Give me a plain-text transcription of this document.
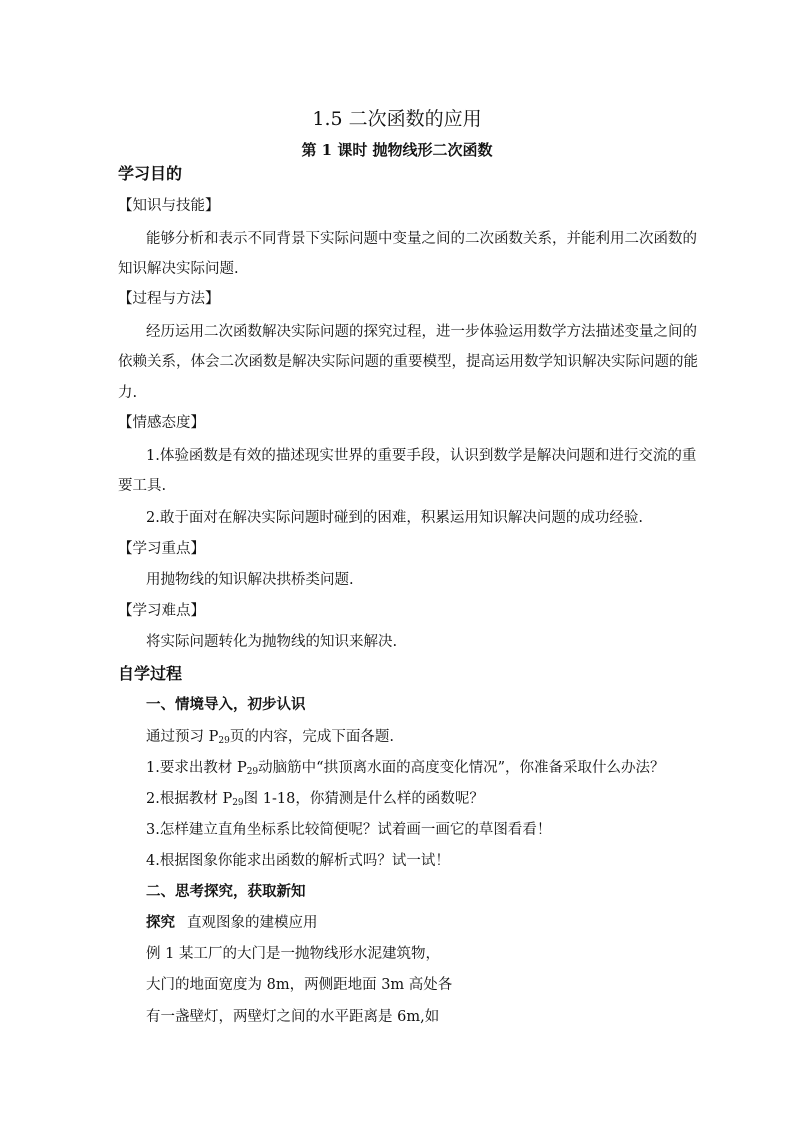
1.5 二次函数的应用
第 1 课时 抛物线形二次函数
学习目的
【知识与技能】
能够分析和表示不同背景下实际问题中变量之间的二次函数关系，并能利用二次函数的
知识解决实际问题.
【过程与方法】
经历运用二次函数解决实际问题的探究过程，进一步体验运用数学方法描述变量之间的
依赖关系，体会二次函数是解决实际问题的重要模型，提高运用数学知识解决实际问题的能
力.
【情感态度】
1.体验函数是有效的描述现实世界的重要手段，认识到数学是解决问题和进行交流的重
要工具.
2.敢于面对在解决实际问题时碰到的困难，积累运用知识解决问题的成功经验.
【学习重点】
用抛物线的知识解决拱桥类问题.
【学习难点】
将实际问题转化为抛物线的知识来解决.
自学过程
一、情境导入，初步认识
通过预习 $P_{29}$页的内容，完成下面各题.
1.要求出教材 $P_{29}$动脑筋中“拱顶离水面的高度变化情况”，你准备采取什么办法？
2.根据教材 $P_{29}$图 1-18，你猜测是什么样的函数呢？
3.怎样建立直角坐标系比较简便呢？试着画一画它的草图看看！
4.根据图象你能求出函数的解析式吗？试一试！
二、思考探究，获取新知
探究 直观图象的建模应用
例 1 某工厂的大门是一抛物线形水泥建筑物，
大门的地面宽度为 8m，两侧距地面 3m 高处各
有一盏壁灯，两壁灯之间的水平距离是 6m,如
